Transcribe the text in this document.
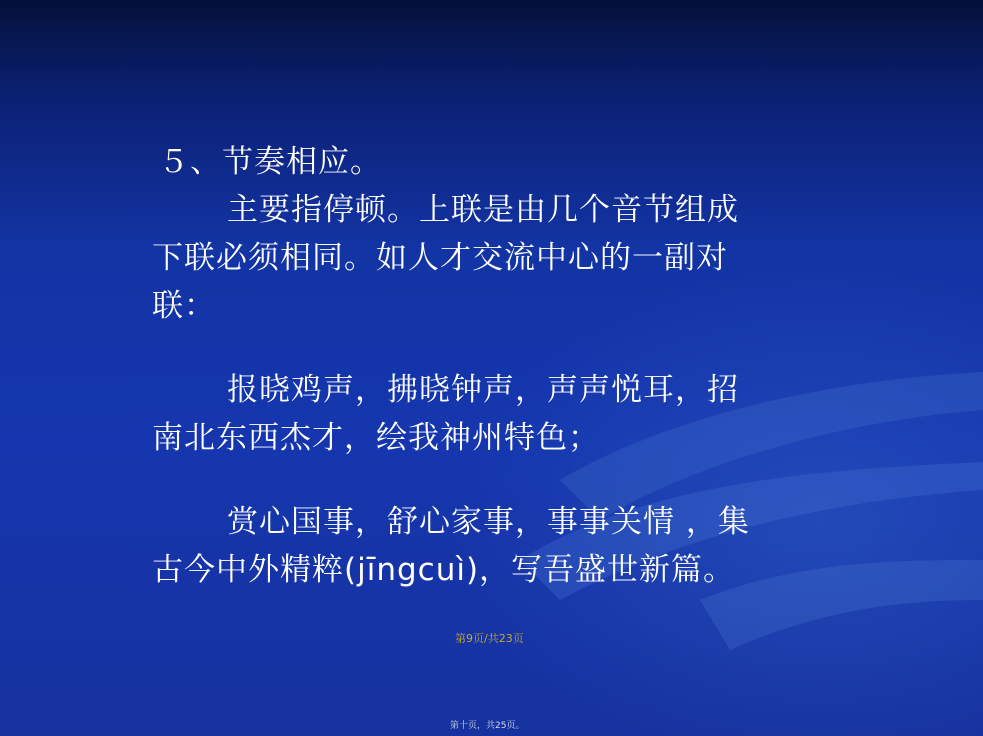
５、节奏相应。
主要指停顿。上联是由几个音节组成
下联必须相同。如人才交流中心的一副对
联：
报晓鸡声，拂晓钟声，声声悦耳，招
南北东西杰才，绘我神州特色；
赏心国事，舒心家事，事事关情 ，集
古今中外精粹(jīngcuì)，写吾盛世新篇。
第9页/共23页
第十页，共25页。
